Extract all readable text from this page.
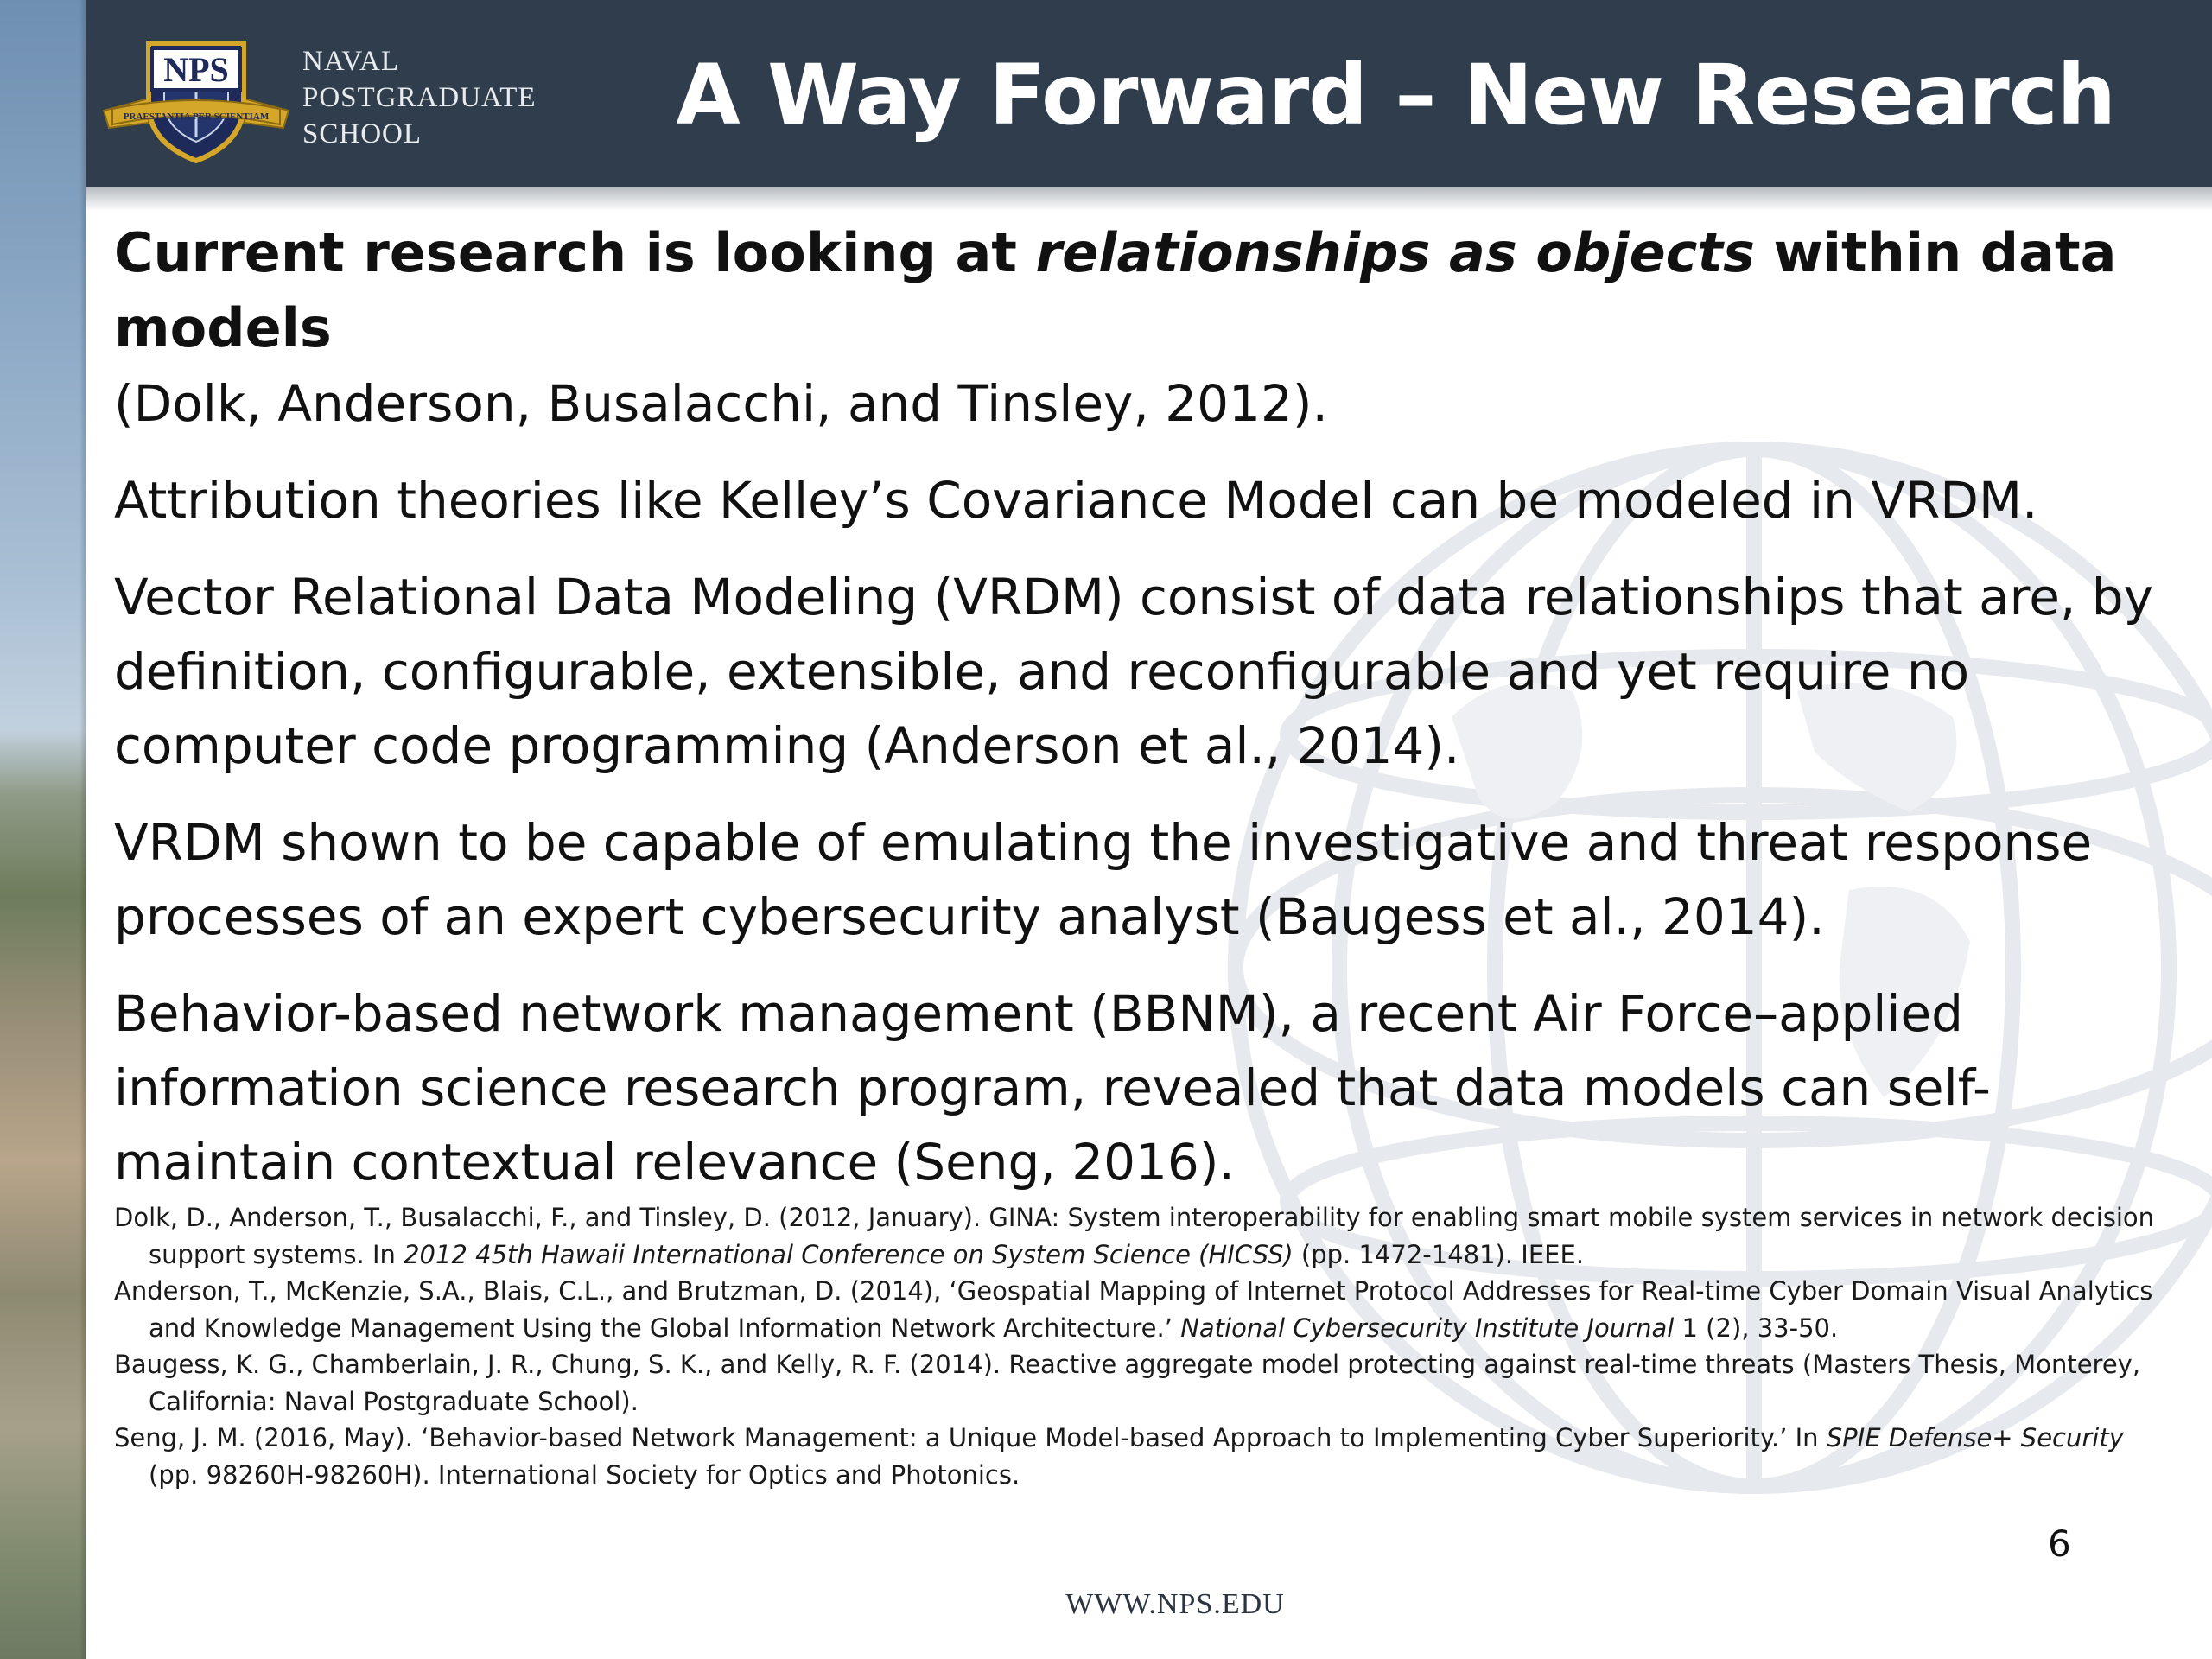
NPS
PRAESTANTIA PER SCIENTIAM
NAVAL
POSTGRADUATE
SCHOOL	A Way Forward – New Research

Current research is looking at relationships as objects within data models
(Dolk, Anderson, Busalacchi, and Tinsley, 2012).

Attribution theories like Kelley’s Covariance Model can be modeled in VRDM.

Vector Relational Data Modeling (VRDM) consist of data relationships that are, by definition, configurable, extensible, and reconfigurable and yet require no computer code programming (Anderson et al., 2014).

VRDM shown to be capable of emulating the investigative and threat response processes of an expert cybersecurity analyst (Baugess et al., 2014).

Behavior-based network management (BBNM), a recent Air Force–applied information science research program, revealed that data models can self-maintain contextual relevance (Seng, 2016).

Dolk, D., Anderson, T., Busalacchi, F., and Tinsley, D. (2012, January). GINA: System interoperability for enabling smart mobile system services in network decision support systems. In 2012 45th Hawaii International Conference on System Science (HICSS) (pp. 1472-1481). IEEE.

Anderson, T., McKenzie, S.A., Blais, C.L., and Brutzman, D. (2014), ‘Geospatial Mapping of Internet Protocol Addresses for Real-time Cyber Domain Visual Analytics and Knowledge Management Using the Global Information Network Architecture.’ National Cybersecurity Institute Journal 1 (2), 33-50.

Baugess, K. G., Chamberlain, J. R., Chung, S. K., and Kelly, R. F. (2014). Reactive aggregate model protecting against real-time threats (Masters Thesis, Monterey, California: Naval Postgraduate School).

Seng, J. M. (2016, May). ‘Behavior-based Network Management: a Unique Model-based Approach to Implementing Cyber Superiority.’ In SPIE Defense+ Security (pp. 98260H-98260H). International Society for Optics and Photonics.

6
WWW.NPS.EDU
